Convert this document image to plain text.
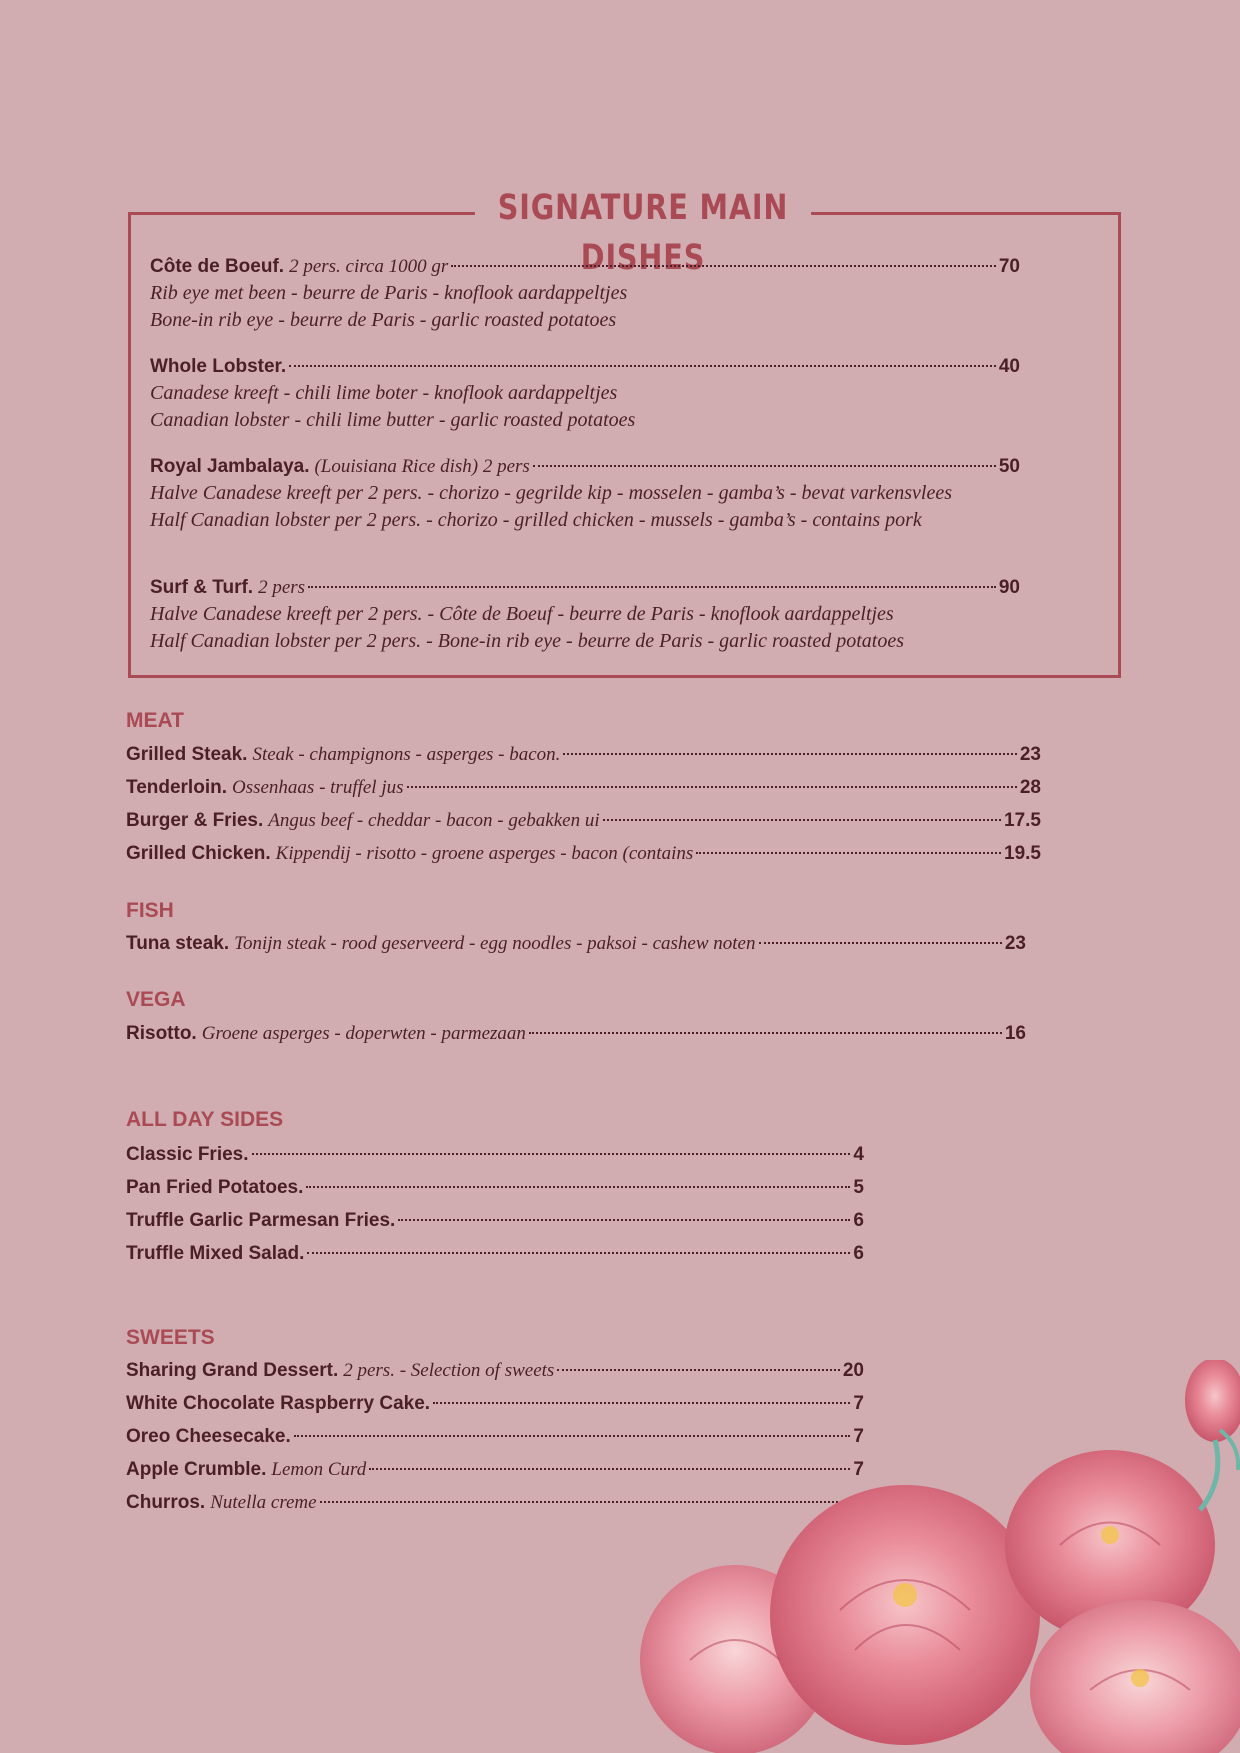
SIGNATURE MAIN DISHES
Côte de Boeuf. 2 pers. circa 1000 gr	70
Rib eye met been - beurre de Paris - knoflook aardappeltjes
Bone-in rib eye - beurre de Paris - garlic roasted potatoes
Whole Lobster.	40
Canadese kreeft - chili lime boter - knoflook aardappeltjes
Canadian lobster - chili lime butter - garlic roasted potatoes
Royal Jambalaya. (Louisiana Rice dish) 2 pers	50
Halve Canadese kreeft per 2 pers. - chorizo - gegrilde kip - mosselen - gamba’s - bevat varkensvlees
Half Canadian lobster per 2 pers. - chorizo - grilled chicken - mussels - gamba’s - contains pork
Surf & Turf. 2 pers	90
Halve Canadese kreeft per 2 pers. - Côte de Boeuf - beurre de Paris - knoflook aardappeltjes
Half Canadian lobster per 2 pers. - Bone-in rib eye - beurre de Paris - garlic roasted potatoes
MEAT
Grilled Steak. Steak - champignons - asperges - bacon.	23
Tenderloin. Ossenhaas - truffel jus	28
Burger & Fries. Angus beef - cheddar - bacon - gebakken ui	17.5
Grilled Chicken. Kippendij - risotto - groene asperges - bacon (contains	19.5
FISH
Tuna steak. Tonijn steak - rood geserveerd - egg noodles - paksoi - cashew noten	23
VEGA
Risotto. Groene asperges - doperwten - parmezaan	16
ALL DAY SIDES
Classic Fries.	4
Pan Fried Potatoes.	5
Truffle Garlic Parmesan Fries.	6
Truffle Mixed Salad.	6
SWEETS
Sharing Grand Dessert. 2 pers. - Selection of sweets	20
White Chocolate Raspberry Cake.	7
Oreo Cheesecake.	7
Apple Crumble. Lemon Curd	7
Churros. Nutella creme
